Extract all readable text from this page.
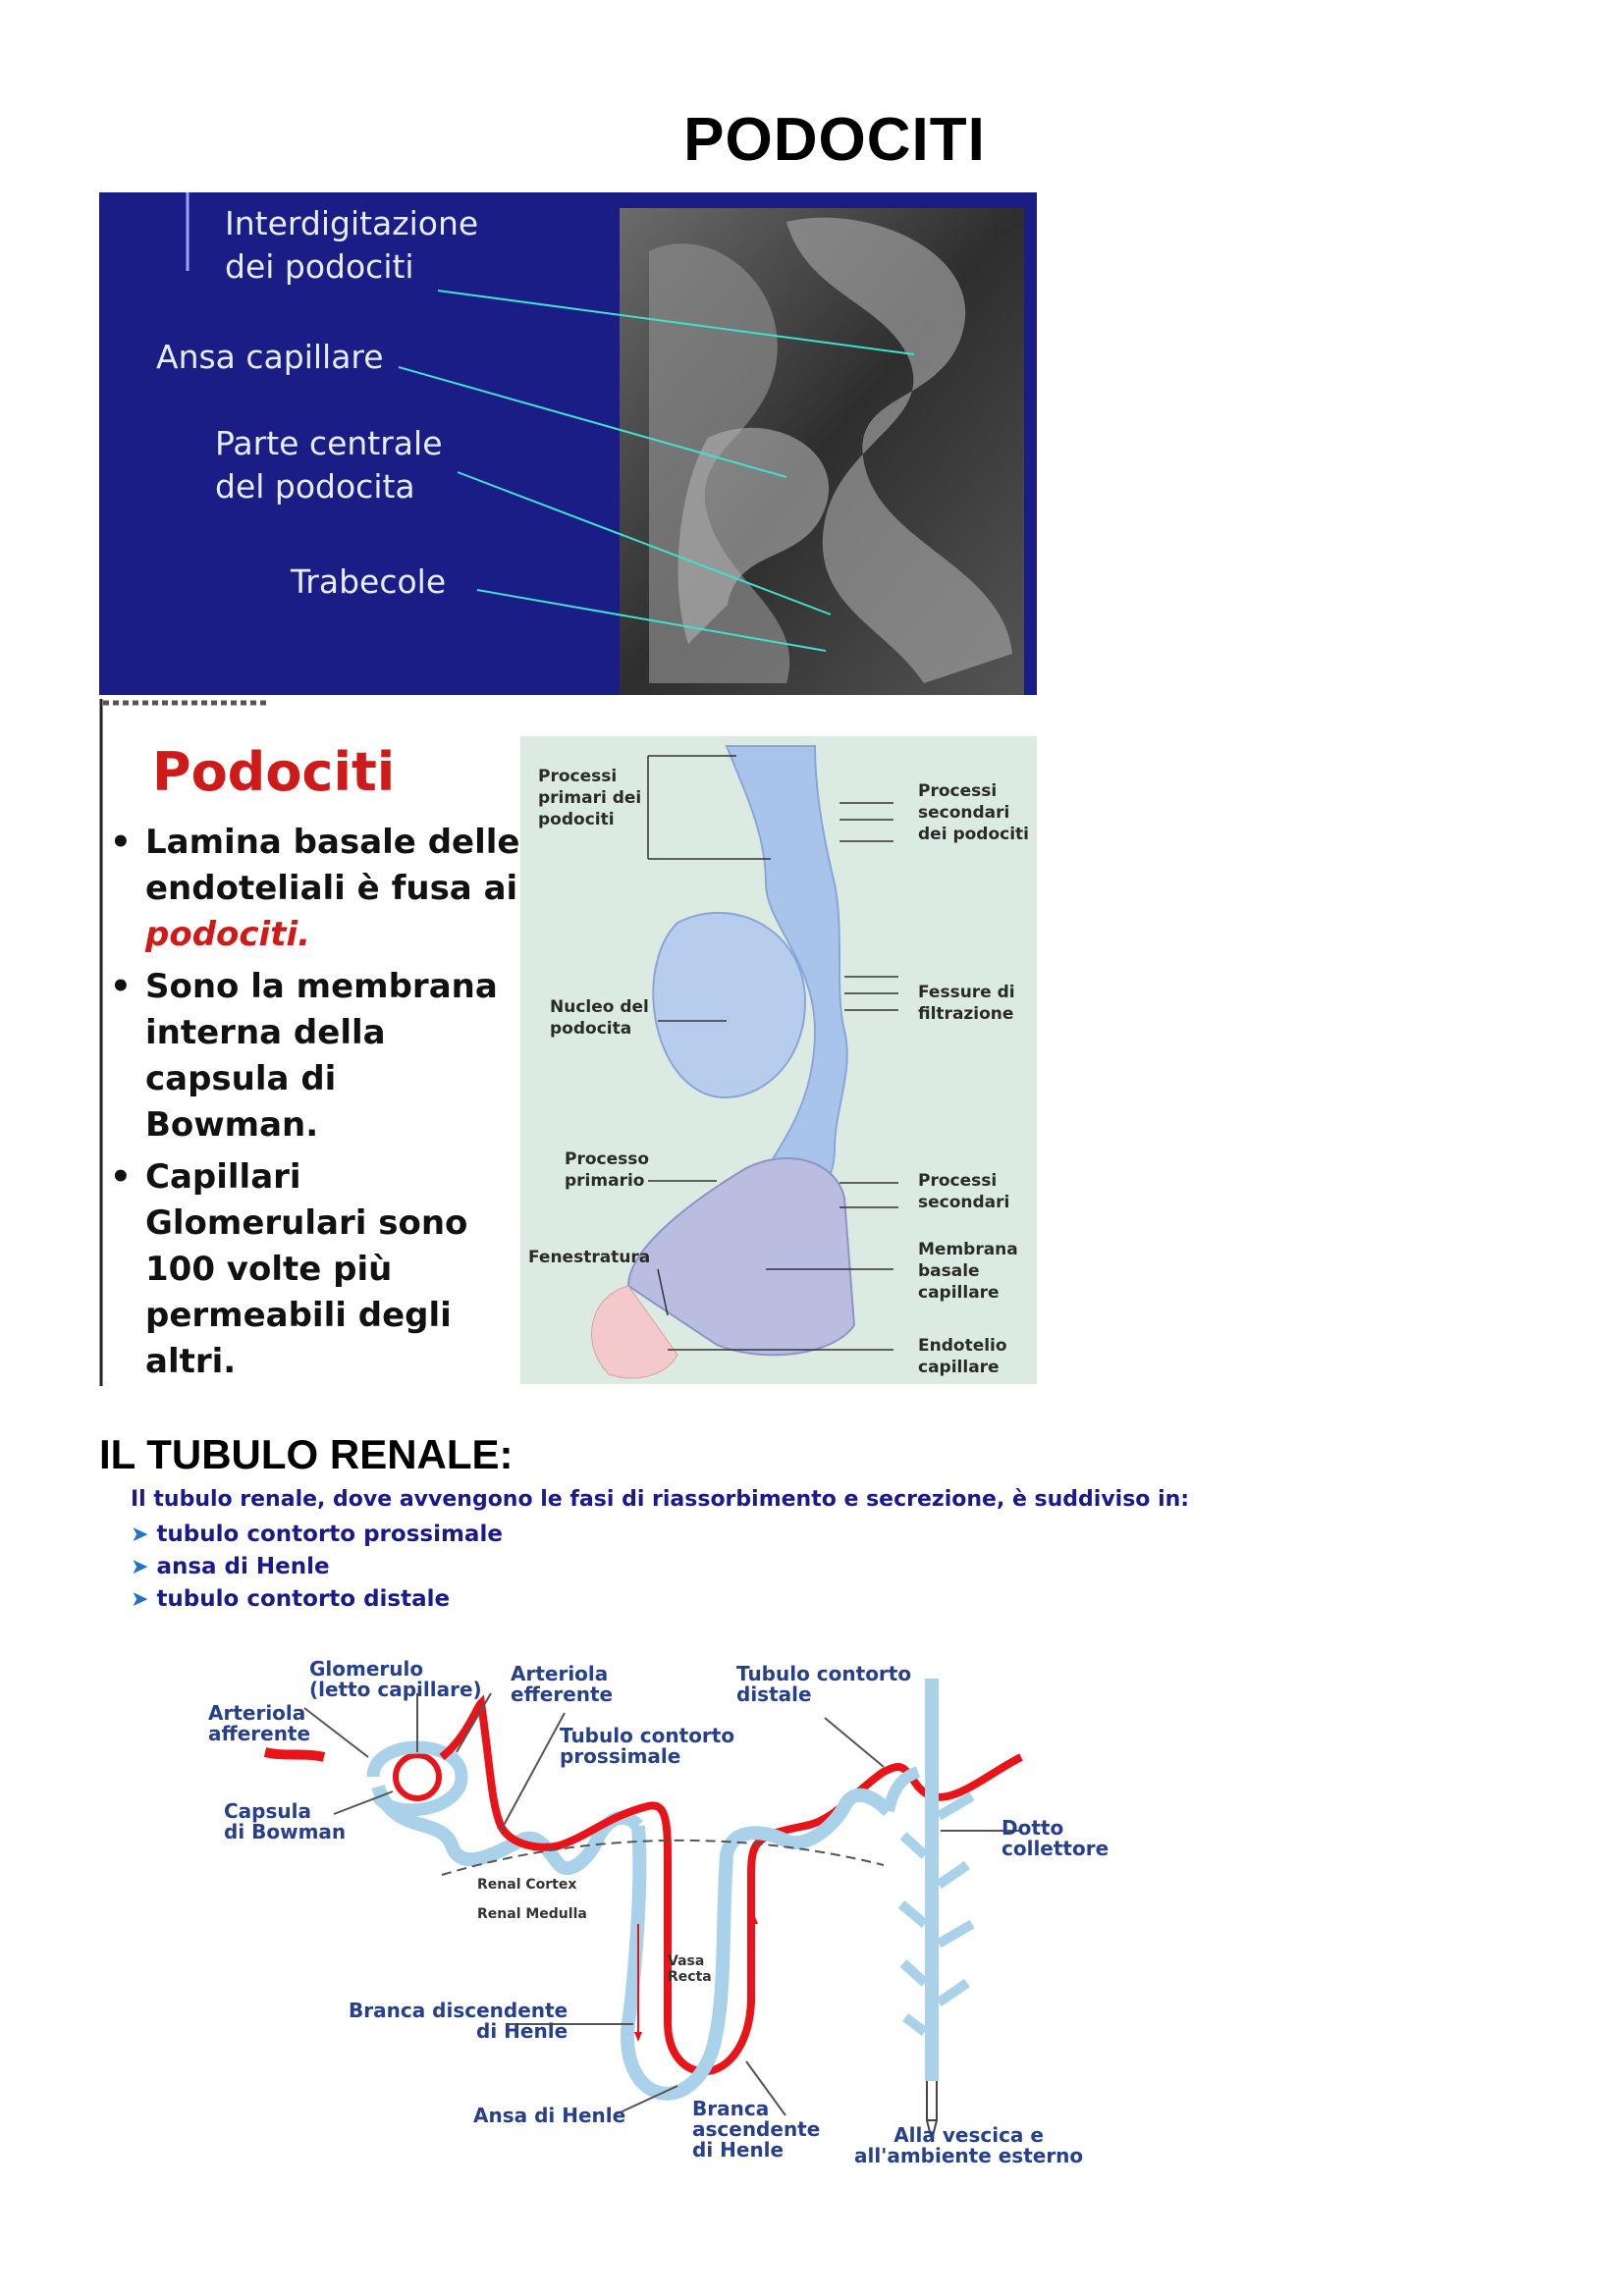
PODOCITI
Interdigitazione
dei podociti
Ansa capillare
Parte centrale
del podocita
Trabecole
Podociti
• Lamina basale delle endoteliali è fusa ai podociti.
• Sono la membrana interna della capsula di Bowman.
• Capillari Glomerulari sono 100 volte più permeabili degli altri.
Processi
primari dei
podociti
Processi
secondari
dei podociti
Nucleo del
podocita
Fessure di
filtrazione
Processo
primario	Processi
secondari
Fenestratura	Membrana
basale
capillare
Endotelio
capillare
IL TUBULO RENALE:
Il tubulo renale, dove avvengono le fasi di riassorbimento e secrezione, è suddiviso in:
➤ tubulo contorto prossimale
➤ ansa di Henle
➤ tubulo contorto distale
Glomerulo
(letto capillare)
Arteriola
efferente
Tubulo contorto
distale
Arteriola
afferente	Tubulo contorto
prossimale
Capsula
di Bowman	Dotto
collettore
Renal Cortex
Renal Medulla
Vasa
Recta
Branca discendente
di Henle
Ansa di Henle	Branca
ascendente
di Henle
Alla vescica e
all'ambiente esterno
